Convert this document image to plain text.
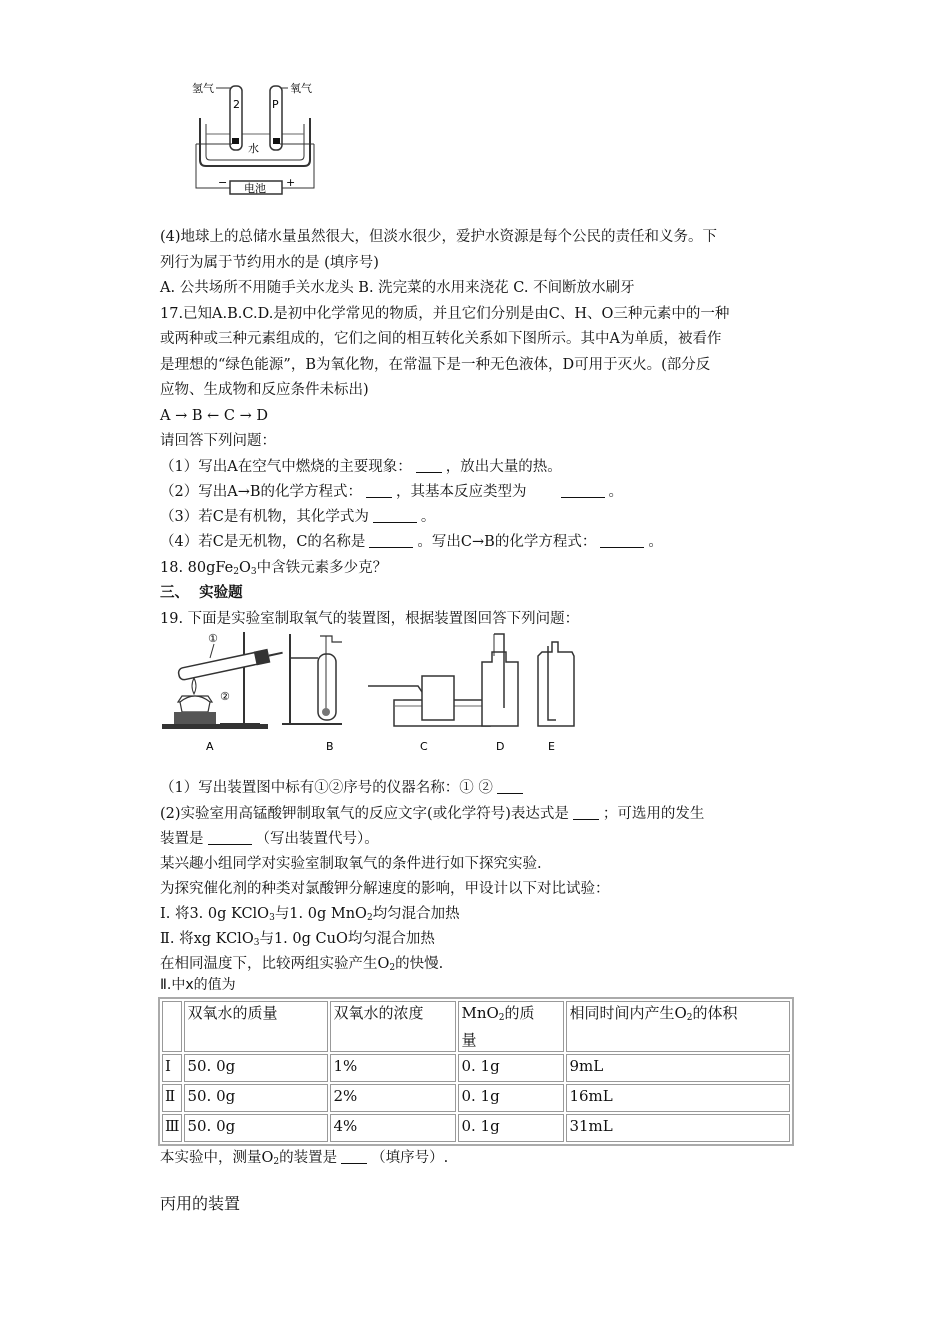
氢气	氧气
2	P
水
电池
−	+
(4)地球上的总储水量虽然很大，但淡水很少，爱护水资源是每个公民的责任和义务。下
列行为属于节约用水的是 (填序号)
A. 公共场所不用随手关水龙头 B. 洗完菜的水用来浇花 C. 不间断放水刷牙
17.已知A.B.C.D.是初中化学常见的物质，并且它们分别是由C、H、O三种元素中的一种
或两种或三种元素组成的，它们之间的相互转化关系如下图所示。其中A为单质，被看作
是理想的“绿色能源”，B为氧化物，在常温下是一种无色液体，D可用于灭火。(部分反
应物、生成物和反应条件未标出)
A → B ← C → D
请回答下列问题：
（1）写出A在空气中燃烧的主要现象： ，放出大量的热。
（2）写出A→B的化学方程式： ，其基本反应类型为	。
（3）若C是有机物，其化学式为	。
（4）若C是无机物，C的名称是	。写出C→B的化学方程式：	。
18. $80gFe_2O_3$中含铁元素多少克？
三、 实验题
19. 下面是实验室制取氧气的装置图，根据装置图回答下列问题：
①
②
A	B	C	D	E
（1）写出装置图中标有①②序号的仪器名称：① ②
(2)实验室用高锰酸钾制取氧气的反应文字(或化学符号)表达式是 ；可选用的发生
装置是	（写出装置代号）。
某兴趣小组同学对实验室制取氧气的条件进行如下探究实验.
为探究催化剂的种类对氯酸钾分解速度的影响，甲设计以下对比试验：
Ⅰ. 将3. 0g KClO$_3$与1. 0g MnO$_2$均匀混合加热
Ⅱ. 将xg KClO$_3$与1. 0g CuO均匀混合加热
在相同温度下，比较两组实验产生$O_2$的快慢.
Ⅱ.中x的值为
	双氧水的质量	双氧水的浓度	MnO$_2$的质
量	相同时间内产生$O_2$的体积
Ⅰ	50. 0g	1%	0. 1g	9mL
Ⅱ	50. 0g	2%	0. 1g	16mL
Ⅲ	50. 0g	4%	0. 1g	31mL
本实验中，测量$O_2$的装置是 （填序号）.
丙用的装置
